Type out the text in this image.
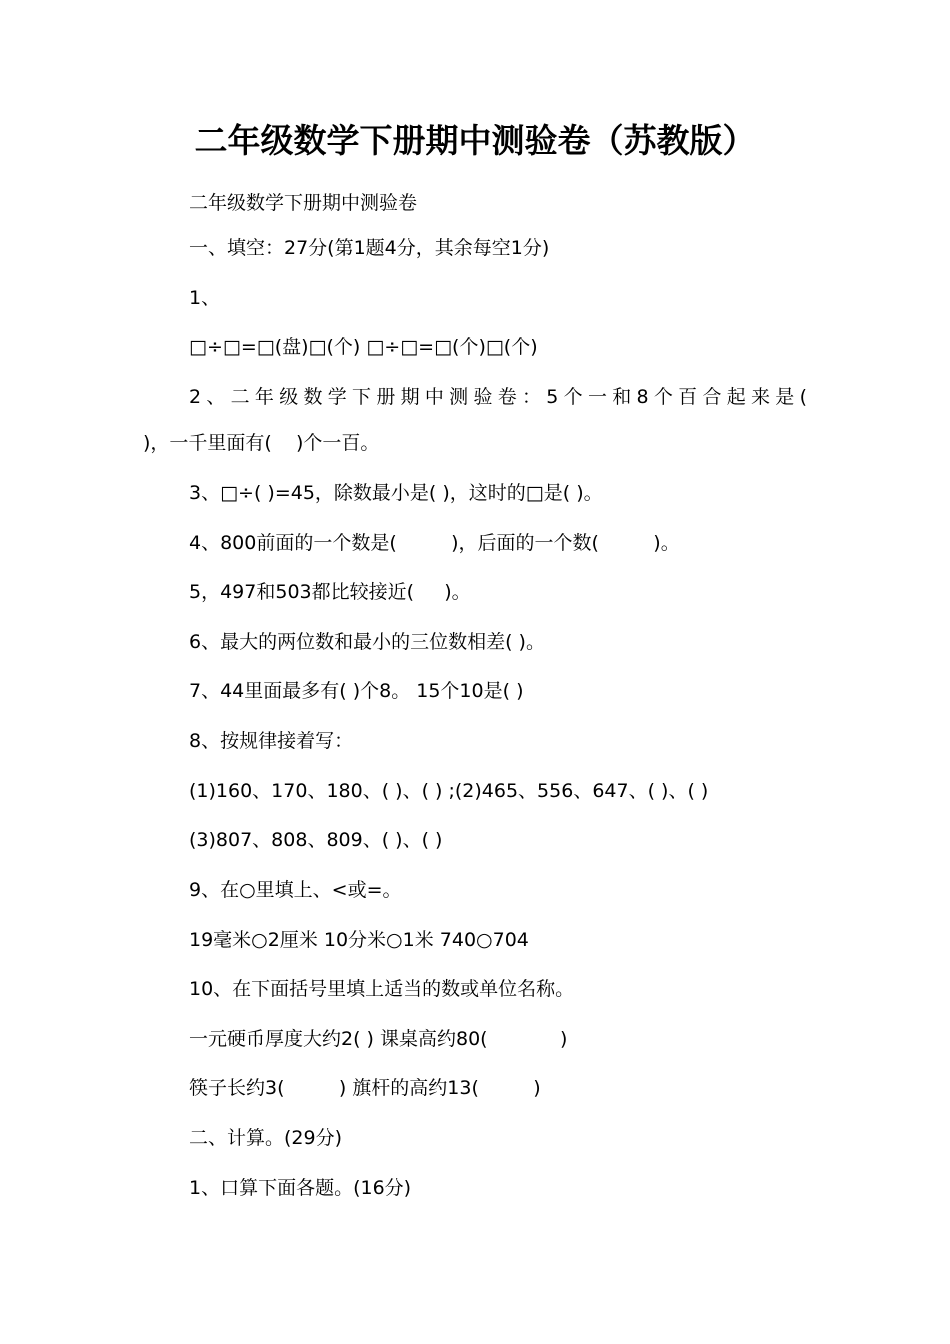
二年级数学下册期中测验卷（苏教版）
二年级数学下册期中测验卷
一、填空：27分(第1题4分，其余每空1分)
1、
□÷□=□(盘)□(个) □÷□=□(个)□(个)
2、二年级数学下册期中测验卷：5个一和8个百合起来是(
)，一千里面有(    )个一百。
3、□÷( )=45，除数最小是( )，这时的□是( )。
4、800前面的一个数是(         )，后面的一个数(         )。
5，497和503都比较接近(     )。
6、最大的两位数和最小的三位数相差( )。
7、44里面最多有( )个8。 15个10是( )
8、按规律接着写：
(1)160、170、180、( )、( ) ;(2)465、556、647、( )、( )
(3)807、808、809、( )、( )
9、在○里填上、<或=。
19毫米○2厘米 10分米○1米 740○704
10、在下面括号里填上适当的数或单位名称。
一元硬币厚度大约2( ) 课桌高约80(            )
筷子长约3(         ) 旗杆的高约13(         )
二、计算。(29分)
1、口算下面各题。(16分)
